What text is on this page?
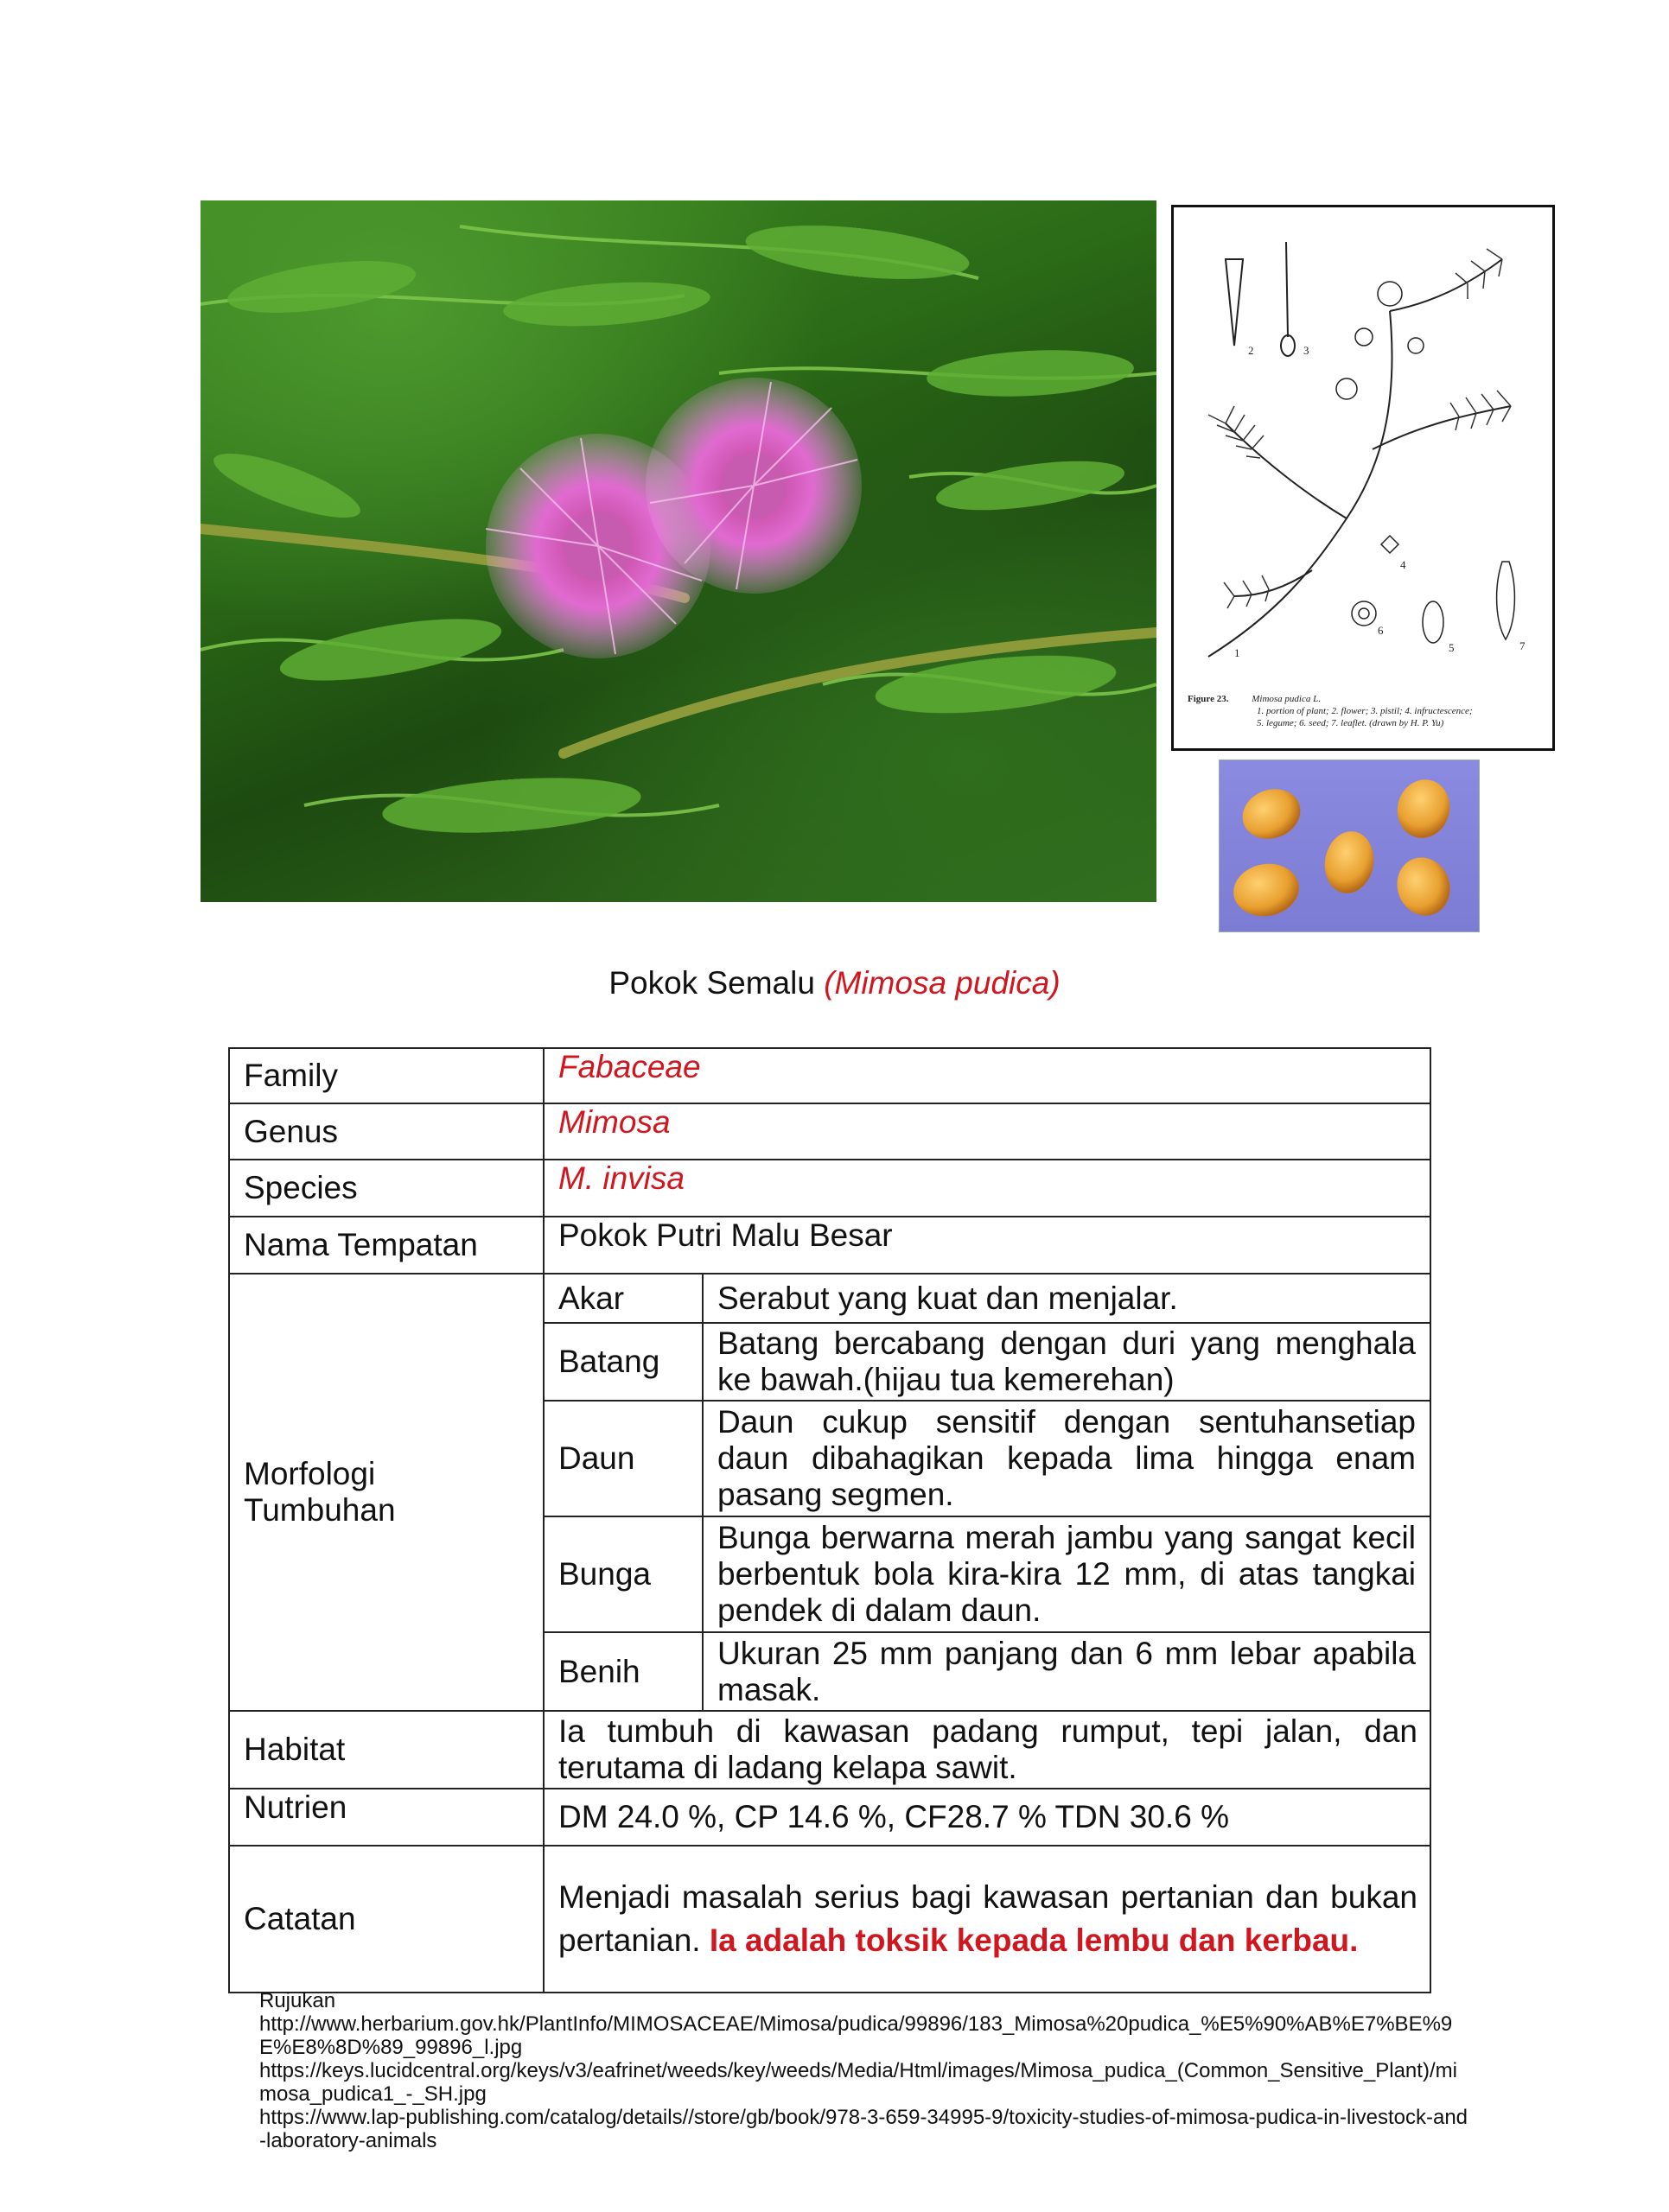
1
2	3
4
5
6
7
Figure 23. Mimosa pudica L.
1. portion of plant; 2. flower; 3. pistil; 4. infructescence;
5. legume; 6. seed; 7. leaflet. (drawn by H. P. Yu)
Pokok Semalu (Mimosa pudica)
Family	Fabaceae
Genus	Mimosa
Species	M. invisa
Nama Tempatan	Pokok Putri Malu Besar
Morfologi Tumbuhan	
Akar	Serabut yang kuat dan menjalar.
Batang	Batang bercabang dengan duri yang menghala ke bawah.(hijau tua kemerehan)
Daun	Daun cukup sensitif dengan sentuhansetiap daun dibahagikan kepada lima hingga enam pasang segmen.
Bunga	Bunga berwarna merah jambu yang sangat kecil berbentuk bola kira-kira 12 mm, di atas tangkai pendek di dalam daun.
Benih	Ukuran 25 mm panjang dan 6 mm lebar apabila masak.

Habitat	Ia tumbuh di kawasan padang rumput, tepi jalan, dan terutama di ladang kelapa sawit.
Nutrien	DM 24.0 %, CP 14.6 %, CF28.7 % TDN 30.6 %
Catatan	Menjadi masalah serius bagi kawasan pertanian dan bukan pertanian. Ia adalah toksik kepada lembu dan kerbau.
Rujukan
http://www.herbarium.gov.hk/PlantInfo/MIMOSACEAE/Mimosa/pudica/99896/183_Mimosa%20pudica_%E5%90%AB%E7%BE%9E%E8%8D%89_99896_l.jpg
https://keys.lucidcentral.org/keys/v3/eafrinet/weeds/key/weeds/Media/Html/images/Mimosa_pudica_(Common_Sensitive_Plant)/mimosa_pudica1_-_SH.jpg
https://www.lap-publishing.com/catalog/details//store/gb/book/978-3-659-34995-9/toxicity-studies-of-mimosa-pudica-in-livestock-and-laboratory-animals
